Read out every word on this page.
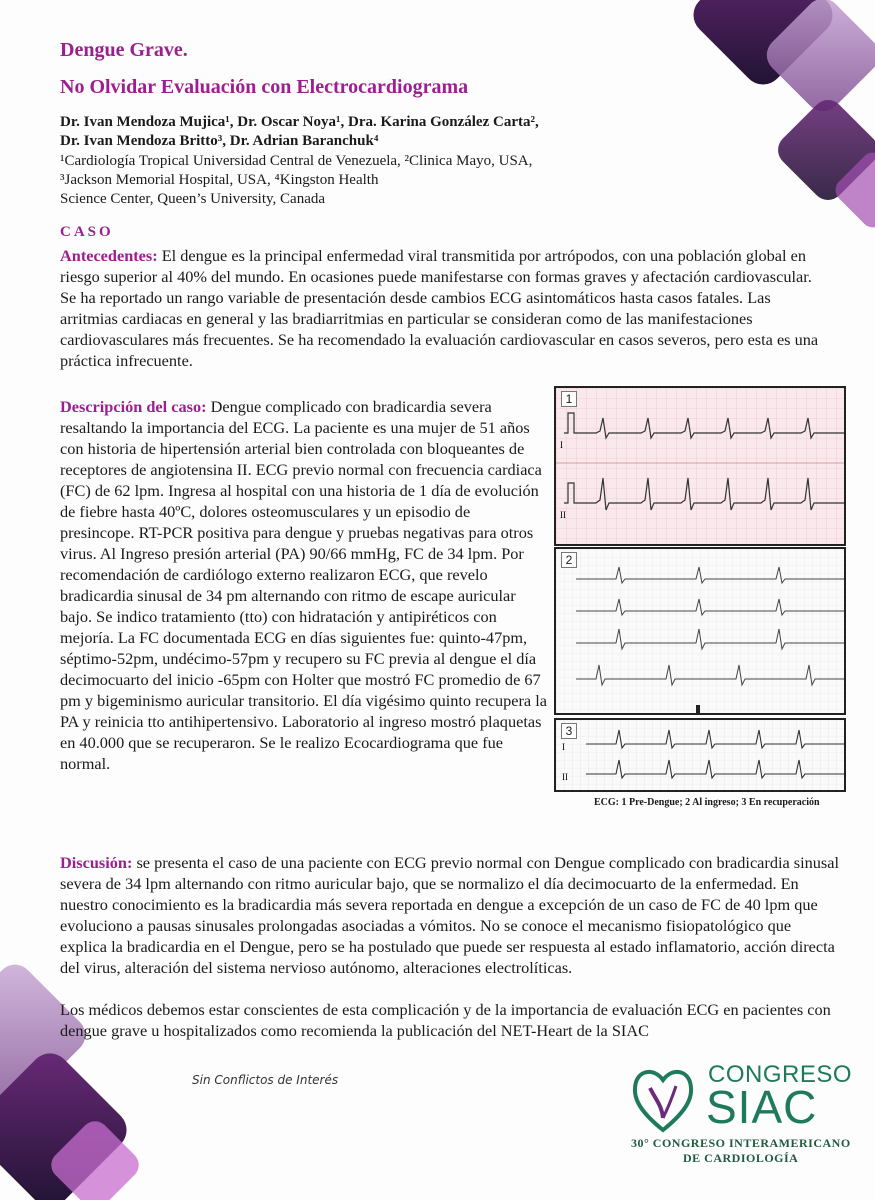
Dengue Grave.
No Olvidar Evaluación con Electrocardiograma
Dr. Ivan Mendoza Mujica¹, Dr. Oscar Noya¹, Dra. Karina González Carta²,
Dr. Ivan Mendoza Britto³, Dr. Adrian Baranchuk⁴
¹Cardiología Tropical Universidad Central de Venezuela, ²Clinica Mayo, USA,
³Jackson Memorial Hospital, USA, ⁴Kingston Health
Science Center, Queen’s University, Canada
CASO

Antecedentes: El dengue es la principal enfermedad viral transmitida por artrópodos, con una población global en riesgo superior al 40% del mundo. En ocasiones puede manifestarse con formas graves y afectación cardiovascular. Se ha reportado un rango variable de presentación desde cambios ECG asintomáticos hasta casos fatales. Las arritmias cardiacas en general y las bradiarritmias en particular se consideran como de las manifestaciones cardiovasculares más frecuentes. Se ha recomendado la evaluación cardiovascular en casos severos, pero esta es una práctica infrecuente.

Descripción del caso: Dengue complicado con bradicardia severa resaltando la importancia del ECG. La paciente es una mujer de 51 años con historia de hipertensión arterial bien controlada con bloqueantes de receptores de angiotensina II. ECG previo normal con frecuencia cardiaca (FC) de 62 lpm. Ingresa al hospital con una historia de 1 día de evolución de fiebre hasta 40ºC, dolores osteomusculares y un episodio de presincope. RT-PCR positiva para dengue y pruebas negativas para otros virus. Al Ingreso presión arterial (PA) 90/66 mmHg, FC de 34 lpm. Por recomendación de cardiólogo externo realizaron ECG, que revelo bradicardia sinusal de 34 pm alternando con ritmo de escape auricular bajo. Se indico tratamiento (tto) con hidratación y antipiréticos con mejoría. La FC documentada ECG en días siguientes fue: quinto-47pm, séptimo-52pm, undécimo-57pm y recupero su FC previa al dengue el día decimocuarto del inicio -65pm con Holter que mostró FC promedio de 67 pm y bigeminismo auricular transitorio. El día vigésimo quinto recupera la PA y reinicia tto antihipertensivo. Laboratorio al ingreso mostró plaquetas en 40.000 que se recuperaron. Se le realizo Ecocardiograma que fue normal.

I
II
1
2
I
II
3
ECG: 1 Pre-Dengue; 2 Al ingreso; 3 En recuperación

Discusión: se presenta el caso de una paciente con ECG previo normal con Dengue complicado con bradicardia sinusal severa de 34 lpm alternando con ritmo auricular bajo, que se normalizo el día decimocuarto de la enfermedad. En nuestro conocimiento es la bradicardia más severa reportada en dengue a excepción de un caso de FC de 40 lpm que evoluciono a pausas sinusales prolongadas asociadas a vómitos. No se conoce el mecanismo fisiopatológico que explica la bradicardia en el Dengue, pero se ha postulado que puede ser respuesta al estado inflamatorio, acción directa del virus, alteración del sistema nervioso autónomo, alteraciones electrolíticas.

Los médicos debemos estar conscientes de esta complicación y de la importancia de evaluación ECG en pacientes con dengue grave u hospitalizados como recomienda la publicación del NET-Heart de la SIAC

Sin Conflictos de Interés	CONGRESO
SIAC
30° CONGRESO INTERAMERICANO
DE CARDIOLOGÍA
